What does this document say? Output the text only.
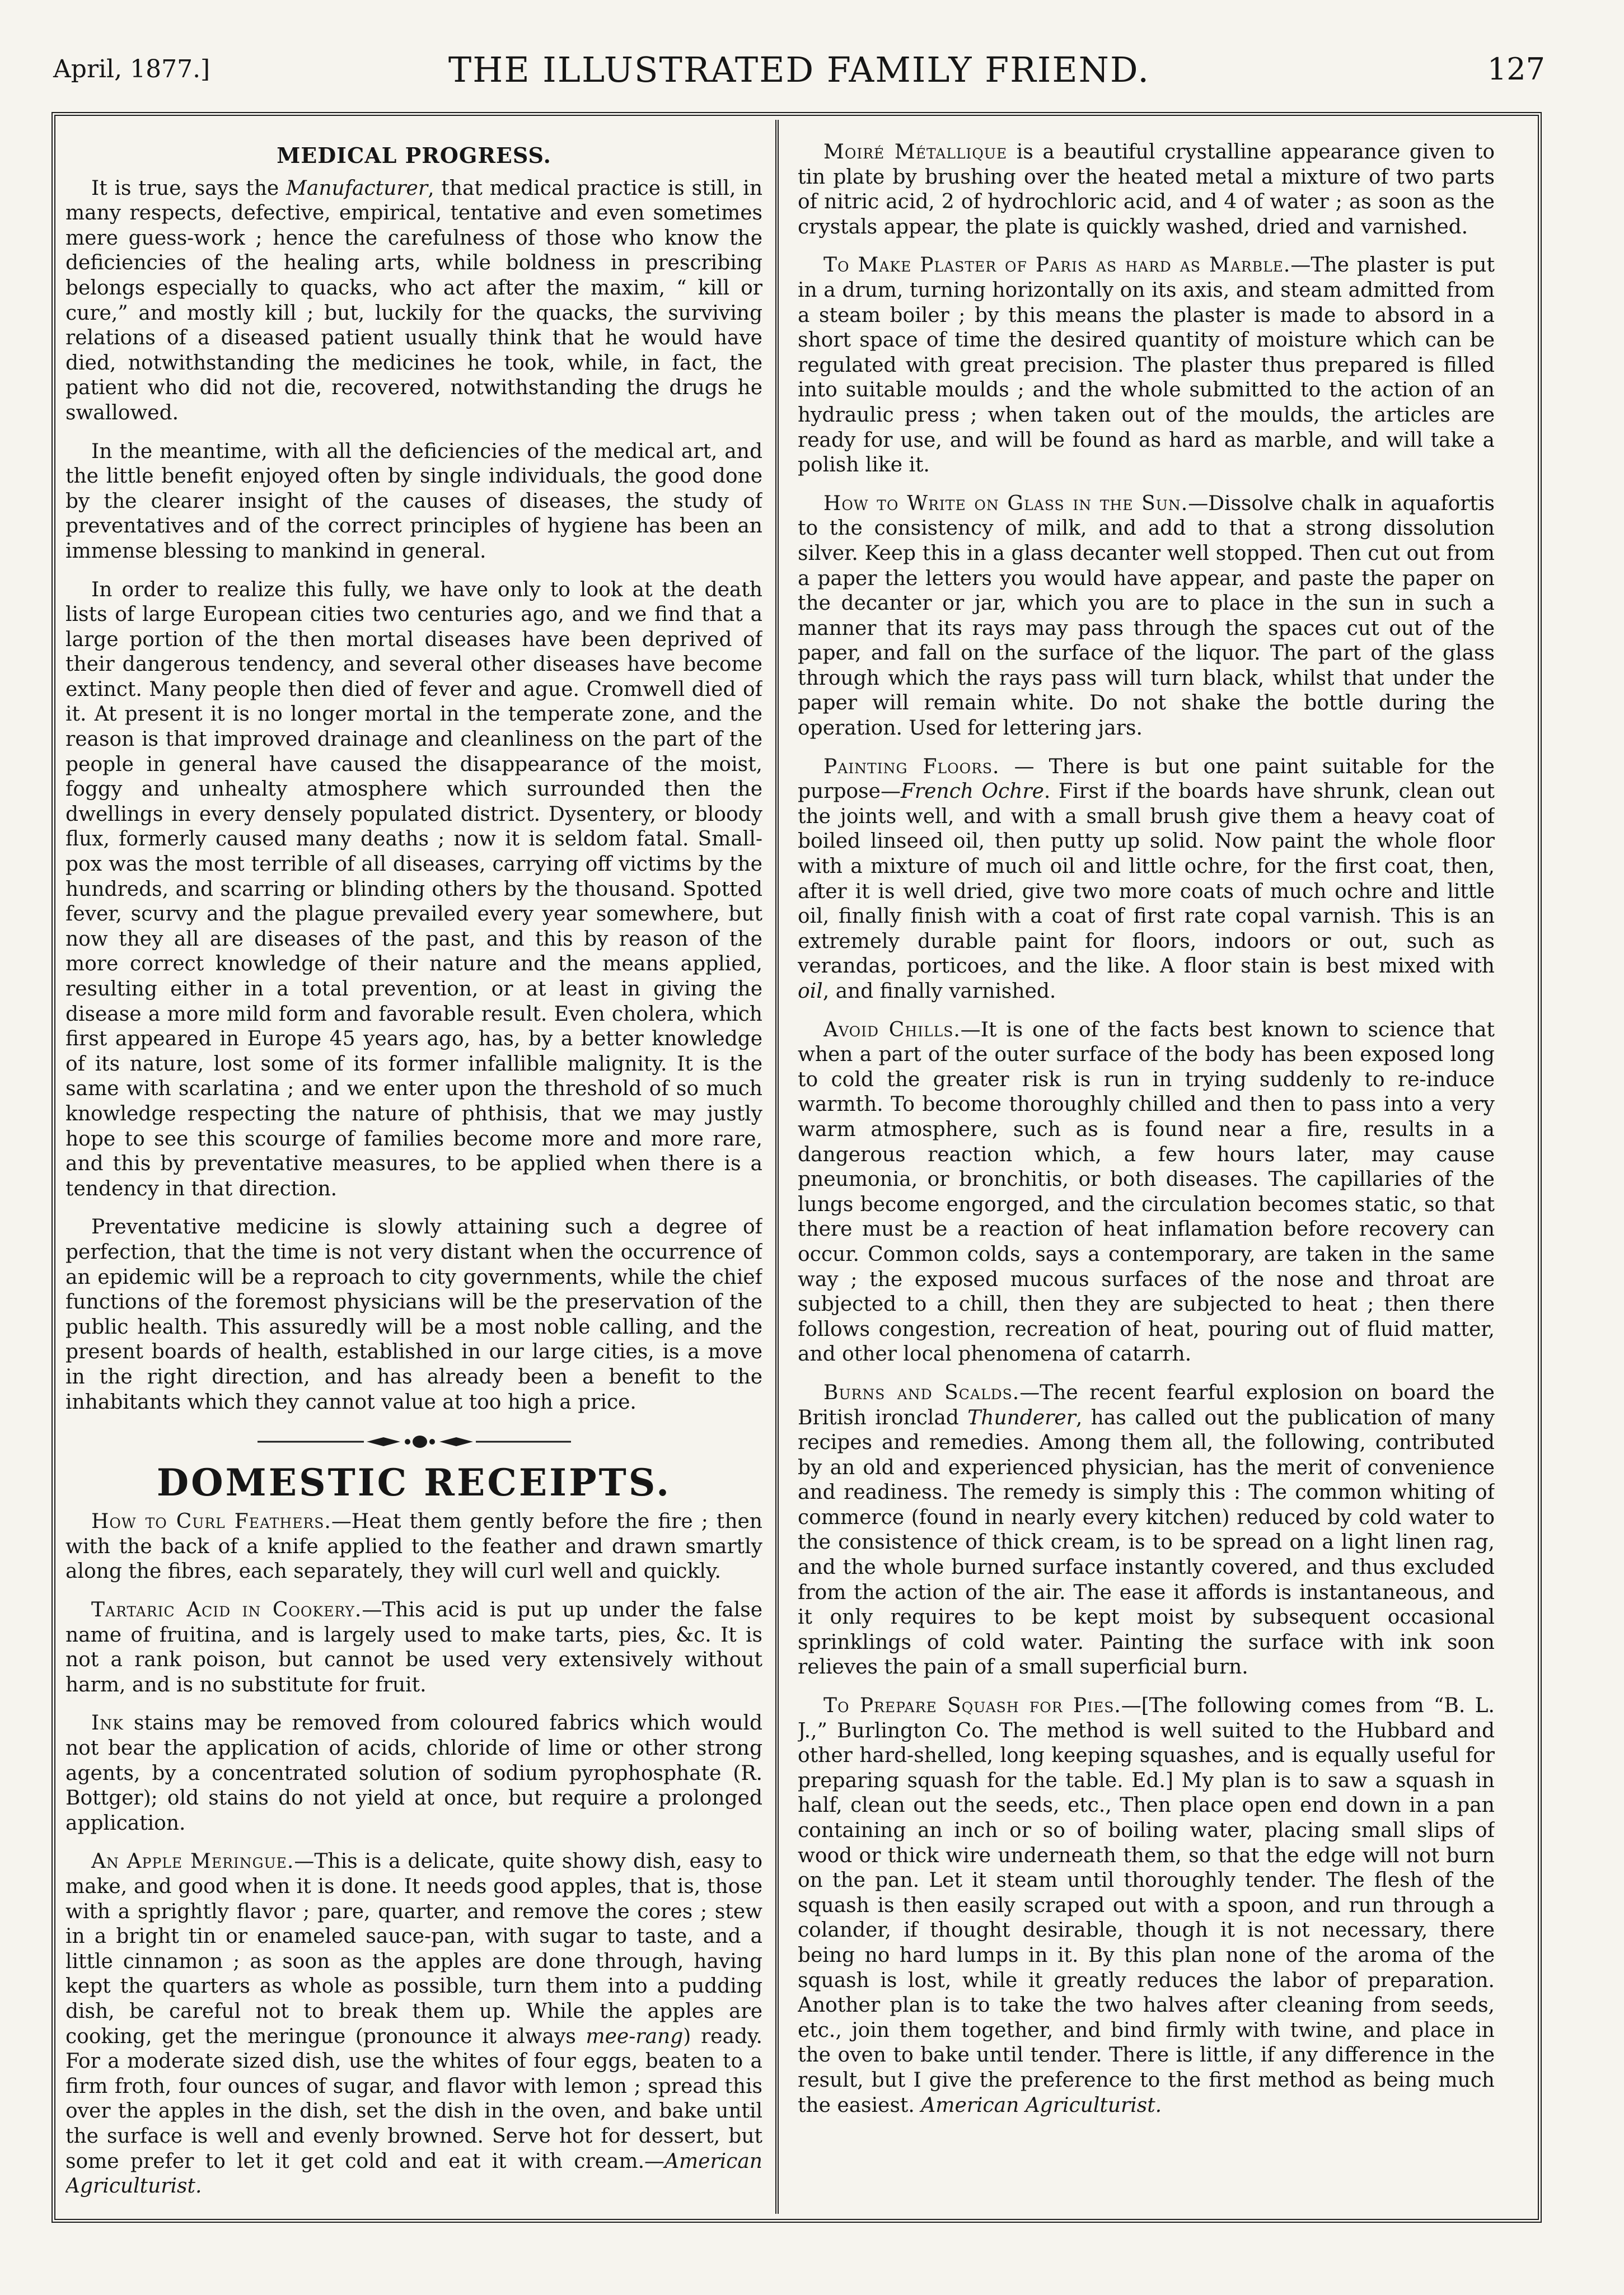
April, 1877.]	THE ILLUSTRATED FAMILY FRIEND.	127
MEDICAL PROGRESS.

It is true, says the Manufacturer, that medical practice is still, in many respects, defective, empirical, tentative and even sometimes mere guess-work ; hence the carefulness of those who know the deficiencies of the healing arts, while boldness in prescribing belongs especially to quacks, who act after the maxim, “ kill or cure,” and mostly kill ; but, luckily for the quacks, the surviving relations of a diseased patient usually think that he would have died, notwithstanding the medicines he took, while, in fact, the patient who did not die, recovered, notwithstanding the drugs he swallowed.

In the meantime, with all the deficiencies of the medical art, and the little benefit enjoyed often by single individuals, the good done by the clearer insight of the causes of diseases, the study of preventatives and of the correct principles of hygiene has been an immense blessing to mankind in general.

In order to realize this fully, we have only to look at the death lists of large European cities two centuries ago, and we find that a large portion of the then mortal diseases have been deprived of their dangerous tendency, and several other diseases have become extinct. Many people then died of fever and ague. Cromwell died of it. At present it is no longer mortal in the temperate zone, and the reason is that improved drainage and cleanliness on the part of the people in general have caused the disappearance of the moist, foggy and unhealty atmosphere which surrounded then the dwellings in every densely populated district. Dysentery, or bloody flux, formerly caused many deaths ; now it is seldom fatal. Small-pox was the most terrible of all diseases, carrying off victims by the hundreds, and scarring or blinding others by the thousand. Spotted fever, scurvy and the plague prevailed every year somewhere, but now they all are diseases of the past, and this by reason of the more correct knowledge of their nature and the means applied, resulting either in a total prevention, or at least in giving the disease a more mild form and favorable result. Even cholera, which first appeared in Europe 45 years ago, has, by a better knowledge of its nature, lost some of its former infallible malignity. It is the same with scarlatina ; and we enter upon the threshold of so much knowledge respecting the nature of phthisis, that we may justly hope to see this scourge of families become more and more rare, and this by preventative measures, to be applied when there is a tendency in that direction.

Preventative medicine is slowly attaining such a degree of perfection, that the time is not very distant when the occurrence of an epidemic will be a reproach to city governments, while the chief functions of the foremost physicians will be the preservation of the public health. This assuredly will be a most noble calling, and the present boards of health, established in our large cities, is a move in the right direction, and has already been a benefit to the inhabitants which they cannot value at too high a price.

DOMESTIC RECEIPTS.

How to Curl Feathers.—Heat them gently before the fire ; then with the back of a knife applied to the feather and drawn smartly along the fibres, each separately, they will curl well and quickly.

Tartaric Acid in Cookery.—This acid is put up under the false name of fruitina, and is largely used to make tarts, pies, &c. It is not a rank poison, but cannot be used very extensively without harm, and is no substitute for fruit.

Ink stains may be removed from coloured fabrics which would not bear the application of acids, chloride of lime or other strong agents, by a concentrated solution of sodium pyrophosphate (R. Bottger); old stains do not yield at once, but require a prolonged application.

An Apple Meringue.—This is a delicate, quite showy dish, easy to make, and good when it is done. It needs good apples, that is, those with a sprightly flavor ; pare, quarter, and remove the cores ; stew in a bright tin or enameled sauce-pan, with sugar to taste, and a little cinnamon ; as soon as the apples are done through, having kept the quarters as whole as possible, turn them into a pudding dish, be careful not to break them up. While the apples are cooking, get the meringue (pronounce it always mee-rang) ready. For a moderate sized dish, use the whites of four eggs, beaten to a firm froth, four ounces of sugar, and flavor with lemon ; spread this over the apples in the dish, set the dish in the oven, and bake until the surface is well and evenly browned. Serve hot for dessert, but some prefer to let it get cold and eat it with cream.—American Agriculturist.

Moiré Métallique is a beautiful crystalline appearance given to tin plate by brushing over the heated metal a mixture of two parts of nitric acid, 2 of hydrochloric acid, and 4 of water ; as soon as the crystals appear, the plate is quickly washed, dried and varnished.

To Make Plaster of Paris as hard as Marble.—The plaster is put in a drum, turning horizontally on its axis, and steam admitted from a steam boiler ; by this means the plaster is made to absord in a short space of time the desired quantity of moisture which can be regulated with great precision. The plaster thus prepared is filled into suitable moulds ; and the whole submitted to the action of an hydraulic press ; when taken out of the moulds, the articles are ready for use, and will be found as hard as marble, and will take a polish like it.

How to Write on Glass in the Sun.—Dissolve chalk in aquafortis to the consistency of milk, and add to that a strong dissolution silver. Keep this in a glass decanter well stopped. Then cut out from a paper the letters you would have appear, and paste the paper on the decanter or jar, which you are to place in the sun in such a manner that its rays may pass through the spaces cut out of the paper, and fall on the surface of the liquor. The part of the glass through which the rays pass will turn black, whilst that under the paper will remain white. Do not shake the bottle during the operation. Used for lettering jars.

Painting Floors. — There is but one paint suitable for the purpose—French Ochre. First if the boards have shrunk, clean out the joints well, and with a small brush give them a heavy coat of boiled linseed oil, then putty up solid. Now paint the whole floor with a mixture of much oil and little ochre, for the first coat, then, after it is well dried, give two more coats of much ochre and little oil, finally finish with a coat of first rate copal varnish. This is an extremely durable paint for floors, indoors or out, such as verandas, porticoes, and the like. A floor stain is best mixed with oil, and finally varnished.

Avoid Chills.—It is one of the facts best known to science that when a part of the outer surface of the body has been exposed long to cold the greater risk is run in trying suddenly to re-induce warmth. To become thoroughly chilled and then to pass into a very warm atmosphere, such as is found near a fire, results in a dangerous reaction which, a few hours later, may cause pneumonia, or bronchitis, or both diseases. The capillaries of the lungs become engorged, and the circulation becomes static, so that there must be a reaction of heat inflamation before recovery can occur. Common colds, says a contemporary, are taken in the same way ; the exposed mucous surfaces of the nose and throat are subjected to a chill, then they are subjected to heat ; then there follows congestion, recreation of heat, pouring out of fluid matter, and other local phenomena of catarrh.

Burns and Scalds.—The recent fearful explosion on board the British ironclad Thunderer, has called out the publication of many recipes and remedies. Among them all, the following, contributed by an old and experienced physician, has the merit of convenience and readiness. The remedy is simply this : The common whiting of commerce (found in nearly every kitchen) reduced by cold water to the consistence of thick cream, is to be spread on a light linen rag, and the whole burned surface instantly covered, and thus excluded from the action of the air. The ease it affords is instantaneous, and it only requires to be kept moist by subsequent occasional sprinklings of cold water. Painting the surface with ink soon relieves the pain of a small superficial burn.

To Prepare Squash for Pies.—[The following comes from “B. L. J.,” Burlington Co. The method is well suited to the Hubbard and other hard-shelled, long keeping squashes, and is equally useful for preparing squash for the table. Ed.] My plan is to saw a squash in half, clean out the seeds, etc., Then place open end down in a pan containing an inch or so of boiling water, placing small slips of wood or thick wire underneath them, so that the edge will not burn on the pan. Let it steam until thoroughly tender. The flesh of the squash is then easily scraped out with a spoon, and run through a colander, if thought desirable, though it is not necessary, there being no hard lumps in it. By this plan none of the aroma of the squash is lost, while it greatly reduces the labor of preparation. Another plan is to take the two halves after cleaning from seeds, etc., join them together, and bind firmly with twine, and place in the oven to bake until tender. There is little, if any difference in the result, but I give the preference to the first method as being much the easiest. American Agriculturist.
